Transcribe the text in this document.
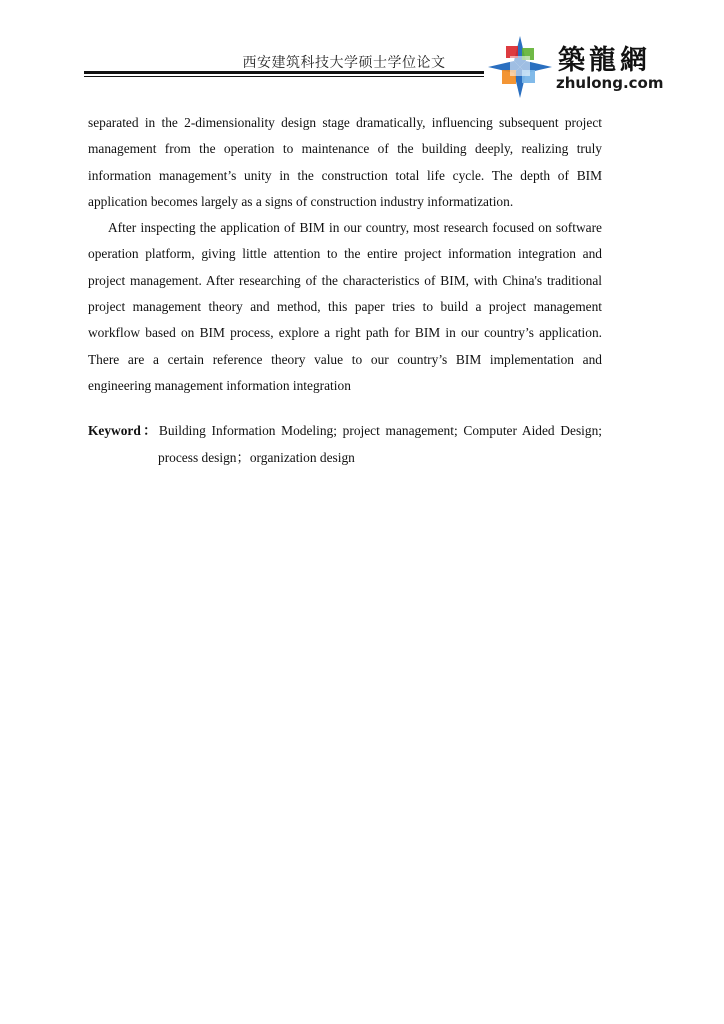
西安建筑科技大学硕士学位论文	築龍網
zhulong.com

separated in the 2-dimensionality design stage dramatically, influencing subsequent project management from the operation to maintenance of the building deeply, realizing truly information management’s unity in the construction total life cycle. The depth of BIM application becomes largely as a signs of construction industry informatization.

After inspecting the application of BIM in our country, most research focused on software operation platform, giving little attention to the entire project information integration and project management. After researching of the characteristics of BIM, with China's traditional project management theory and method, this paper tries to build a project management workflow based on BIM process, explore a right path for BIM in our country’s application. There are a certain reference theory value to our country’s BIM implementation and engineering management information integration

Keyword：Building Information Modeling; project management; Computer Aided Design; process design；organization design
